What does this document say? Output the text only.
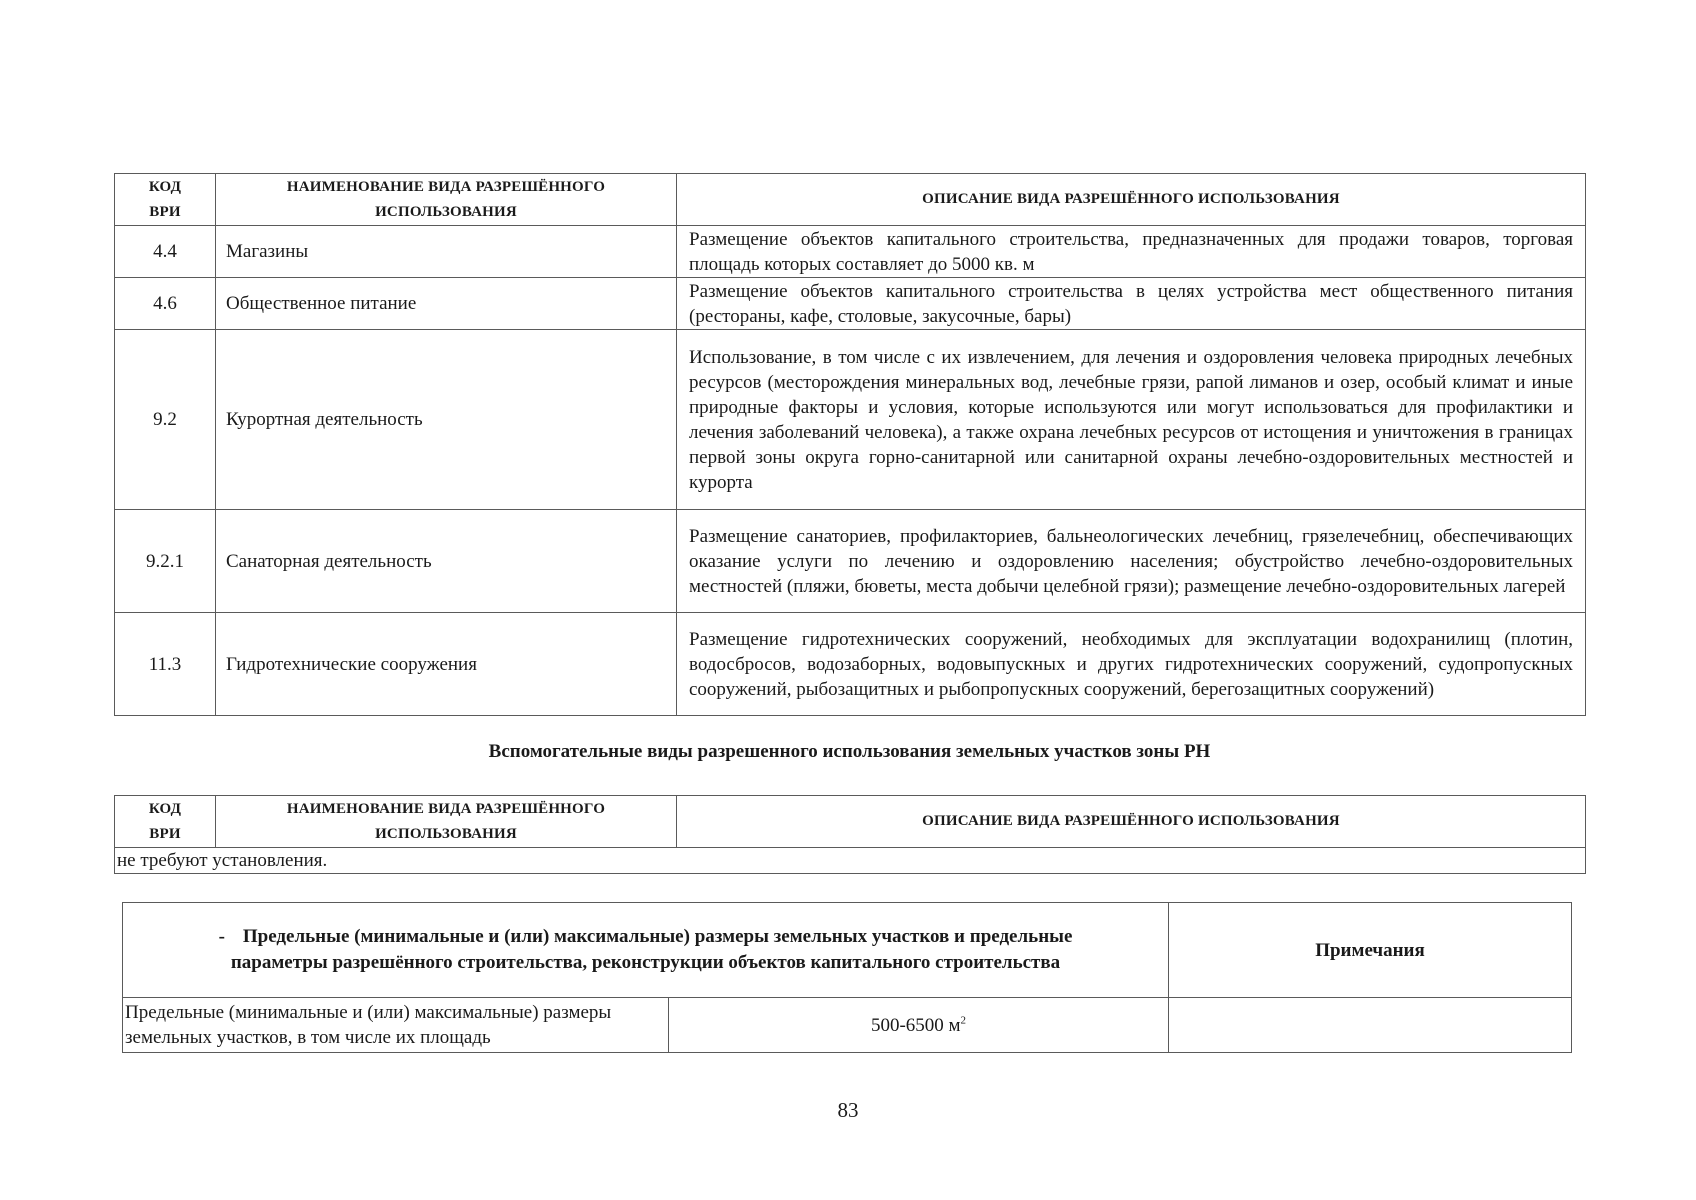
КОД ВРИ	НАИМЕНОВАНИЕ ВИДА РАЗРЕШЁННОГО ИСПОЛЬЗОВАНИЯ	ОПИСАНИЕ ВИДА РАЗРЕШЁННОГО ИСПОЛЬЗОВАНИЯ
4.4	Магазины	Размещение объектов капитального строительства, предназначенных для продажи товаров, торговая площадь которых составляет до 5000 кв. м
4.6	Общественное питание	Размещение объектов капитального строительства в целях устройства мест общественного питания (рестораны, кафе, столовые, закусочные, бары)
9.2	Курортная деятельность	Использование, в том числе с их извлечением, для лечения и оздоровления человека природных лечебных ресурсов (месторождения минеральных вод, лечебные грязи, рапой лиманов и озер, особый климат и иные природные факторы и условия, которые используются или могут использоваться для профилактики и лечения заболеваний человека), а также охрана лечебных ресурсов от истощения и уничтожения в границах первой зоны округа горно-санитарной или санитарной охраны лечебно-оздоровительных местностей и курорта
9.2.1	Санаторная деятельность	Размещение санаториев, профилакториев, бальнеологических лечебниц, грязелечебниц, обеспечивающих оказание услуги по лечению и оздоровлению населения; обустройство лечебно-оздоровительных местностей (пляжи, бюветы, места добычи целебной грязи); размещение лечебно-оздоровительных лагерей
11.3	Гидротехнические сооружения	Размещение гидротехнических сооружений, необходимых для эксплуатации водохранилищ (плотин, водосбросов, водозаборных, водовыпускных и других гидротехнических сооружений, судопропускных сооружений, рыбозащитных и рыбопропускных сооружений, берегозащитных сооружений)
Вспомогательные виды разрешенного использования земельных участков зоны РН
КОД ВРИ	НАИМЕНОВАНИЕ ВИДА РАЗРЕШЁННОГО ИСПОЛЬЗОВАНИЯ	ОПИСАНИЕ ВИДА РАЗРЕШЁННОГО ИСПОЛЬЗОВАНИЯ
не требуют установления.
- Предельные (минимальные и (или) максимальные) размеры земельных участков и предельные параметры разрешённого строительства, реконструкции объектов капитального строительства		Примечания
Предельные (минимальные и (или) максимальные) размеры земельных участков, в том числе их площадь	500-6500 $м^2$	
83
